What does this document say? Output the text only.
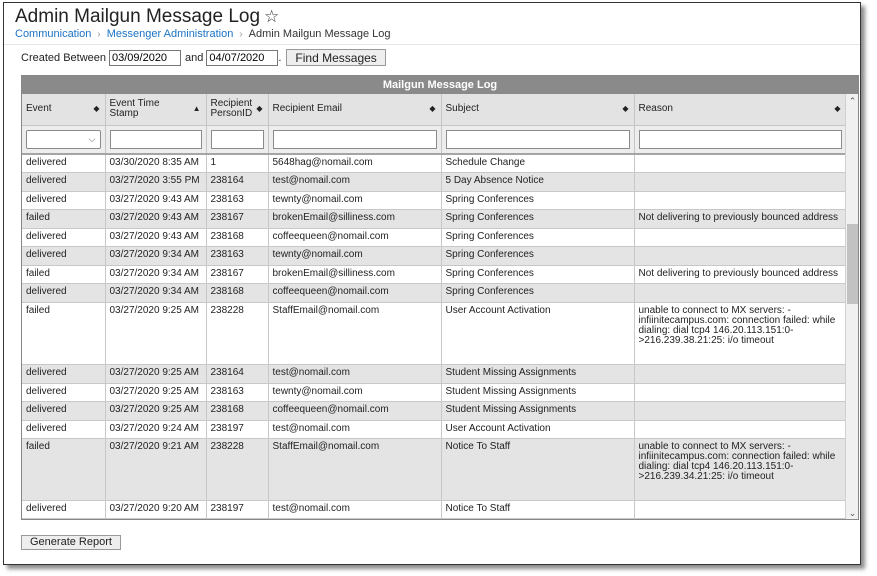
Admin Mailgun Message Log ☆
Communication › Messenger Administration › Admin Mailgun Message Log
Created Between
03/09/2020	and
04/07/2020	.	Find Messages
Mailgun Message Log
Event	◆	Event Time Stamp	▲	Recipient PersonID ◆	Recipient Email	◆	Subject	◆	Reason	◆
⌵

delivered	03/30/2020 8:35 AM	1	5648hag@nomail.com	Schedule Change	
delivered	03/27/2020 3:55 PM	238164	test@nomail.com	5 Day Absence Notice	
delivered	03/27/2020 9:43 AM	238163	tewnty@nomail.com	Spring Conferences	
failed	03/27/2020 9:43 AM	238167	brokenEmail@silliness.com	Spring Conferences	Not delivering to previously bounced address
delivered	03/27/2020 9:43 AM	238168	coffeequeen@nomail.com	Spring Conferences	
delivered	03/27/2020 9:34 AM	238163	tewnty@nomail.com	Spring Conferences	
failed	03/27/2020 9:34 AM	238167	brokenEmail@silliness.com	Spring Conferences	Not delivering to previously bounced address
delivered	03/27/2020 9:34 AM	238168	coffeequeen@nomail.com	Spring Conferences	
failed	03/27/2020 9:25 AM	238228	StaffEmail@nomail.com	User Account Activation	unable to connect to MX servers: - infiinitecampus.com: connection failed: while dialing: dial tcp4 146.20.113.151:0->216.239.38.21:25: i/o timeout
delivered	03/27/2020 9:25 AM	238164	test@nomail.com	Student Missing Assignments	
delivered	03/27/2020 9:25 AM	238163	tewnty@nomail.com	Student Missing Assignments	
delivered	03/27/2020 9:25 AM	238168	coffeequeen@nomail.com	Student Missing Assignments	
delivered	03/27/2020 9:24 AM	238197	test@nomail.com	User Account Activation	
failed	03/27/2020 9:21 AM	238228	StaffEmail@nomail.com	Notice To Staff	unable to connect to MX servers: - infiinitecampus.com: connection failed: while dialing: dial tcp4 146.20.113.151:0->216.239.34.21:25: i/o timeout
delivered	03/27/2020 9:20 AM	238197	test@nomail.com	Notice To Staff	
⌃
⌄
Generate Report
